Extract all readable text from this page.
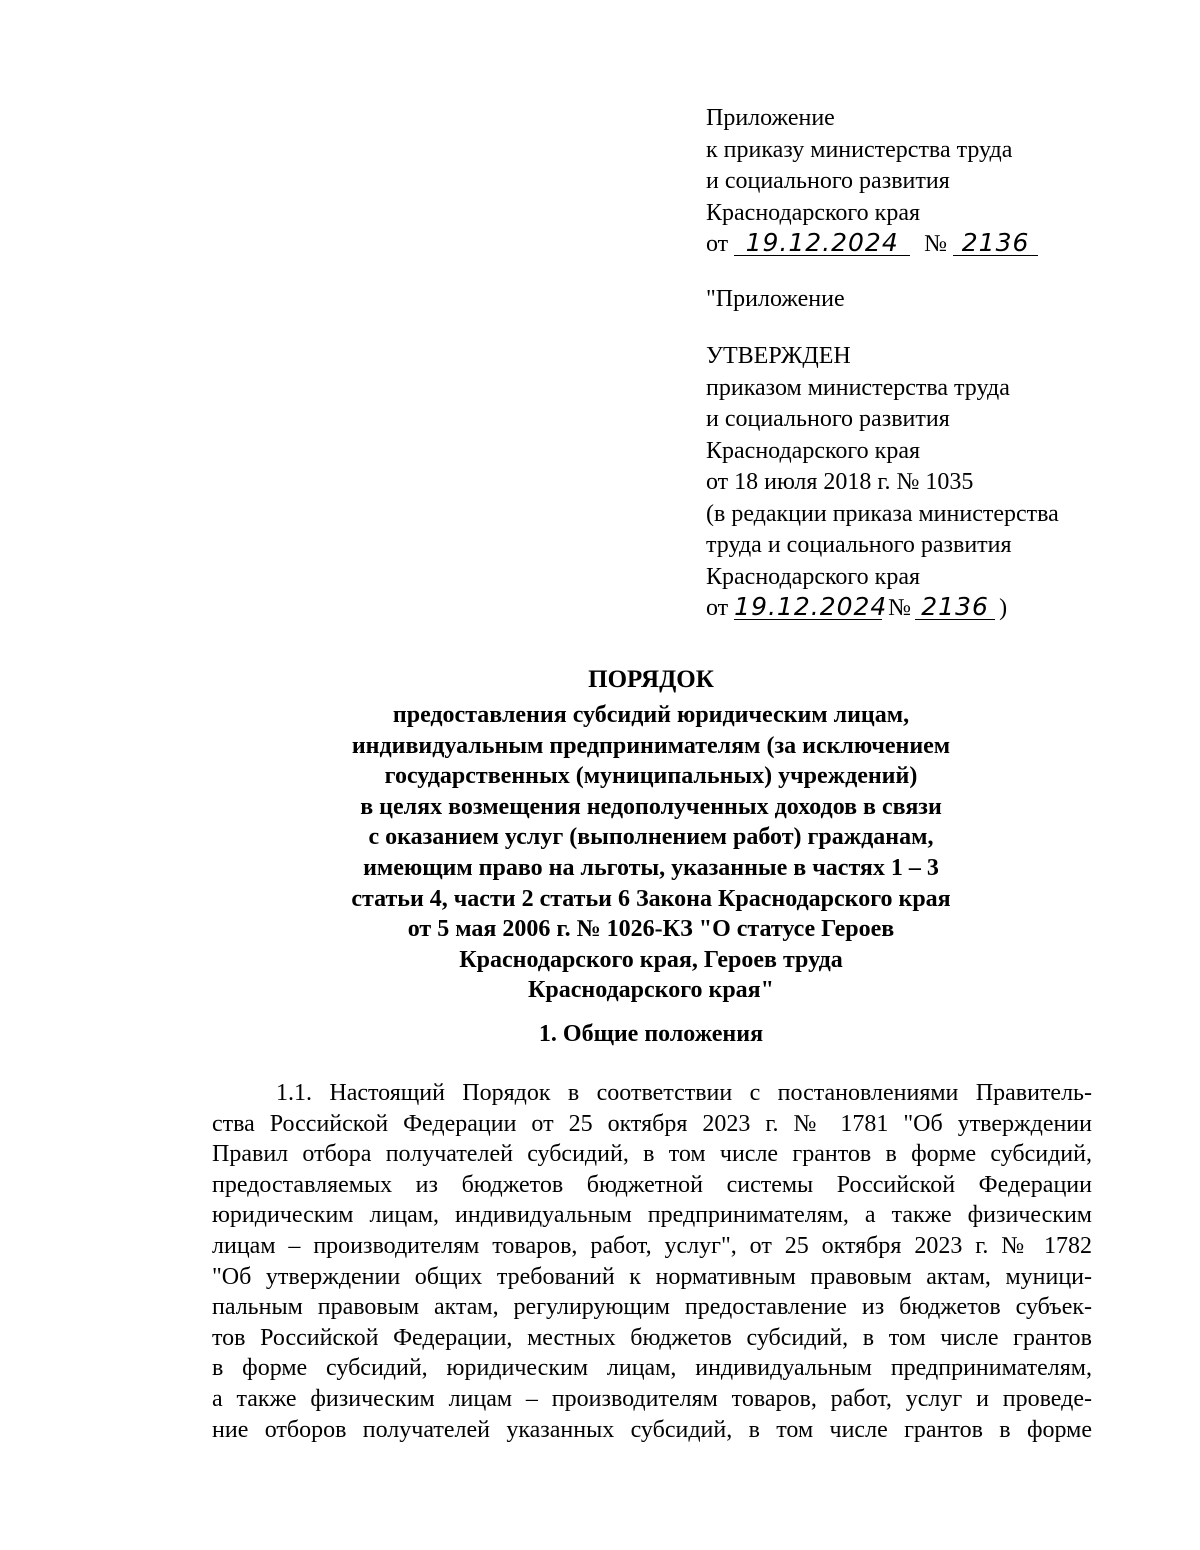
Приложение
к приказу министерства труда
и социального развития
Краснодарского края
от 19.12.2024 № 2136
"Приложение
УТВЕРЖДЕН
приказом министерства труда
и социального развития
Краснодарского края
от 18 июля 2018 г. № 1035
(в редакции приказа министерства
труда и социального развития
Краснодарского края
от 19.12.2024 № 2136 )
ПОРЯДОК
предоставления субсидий юридическим лицам,
индивидуальным предпринимателям (за исключением
государственных (муниципальных) учреждений)
в целях возмещения недополученных доходов в связи
с оказанием услуг (выполнением работ) гражданам,
имеющим право на льготы, указанные в частях 1 – 3
статьи 4, части 2 статьи 6 Закона Краснодарского края
от 5 мая 2006 г. № 1026-КЗ "О статусе Героев
Краснодарского края, Героев труда
Краснодарского края"
1. Общие положения
1.1. Настоящий Порядок в соответствии с постановлениями Правитель-
ства Российской Федерации от 25 октября 2023 г. № 1781 "Об утверждении
Правил отбора получателей субсидий, в том числе грантов в форме субсидий,
предоставляемых из бюджетов бюджетной системы Российской Федерации
юридическим лицам, индивидуальным предпринимателям, а также физическим
лицам – производителям товаров, работ, услуг", от 25 октября 2023 г. № 1782
"Об утверждении общих требований к нормативным правовым актам, муници-
пальным правовым актам, регулирующим предоставление из бюджетов субъек-
тов Российской Федерации, местных бюджетов субсидий, в том числе грантов
в форме субсидий, юридическим лицам, индивидуальным предпринимателям,
а также физическим лицам – производителям товаров, работ, услуг и проведе-
ние отборов получателей указанных субсидий, в том числе грантов в форме
